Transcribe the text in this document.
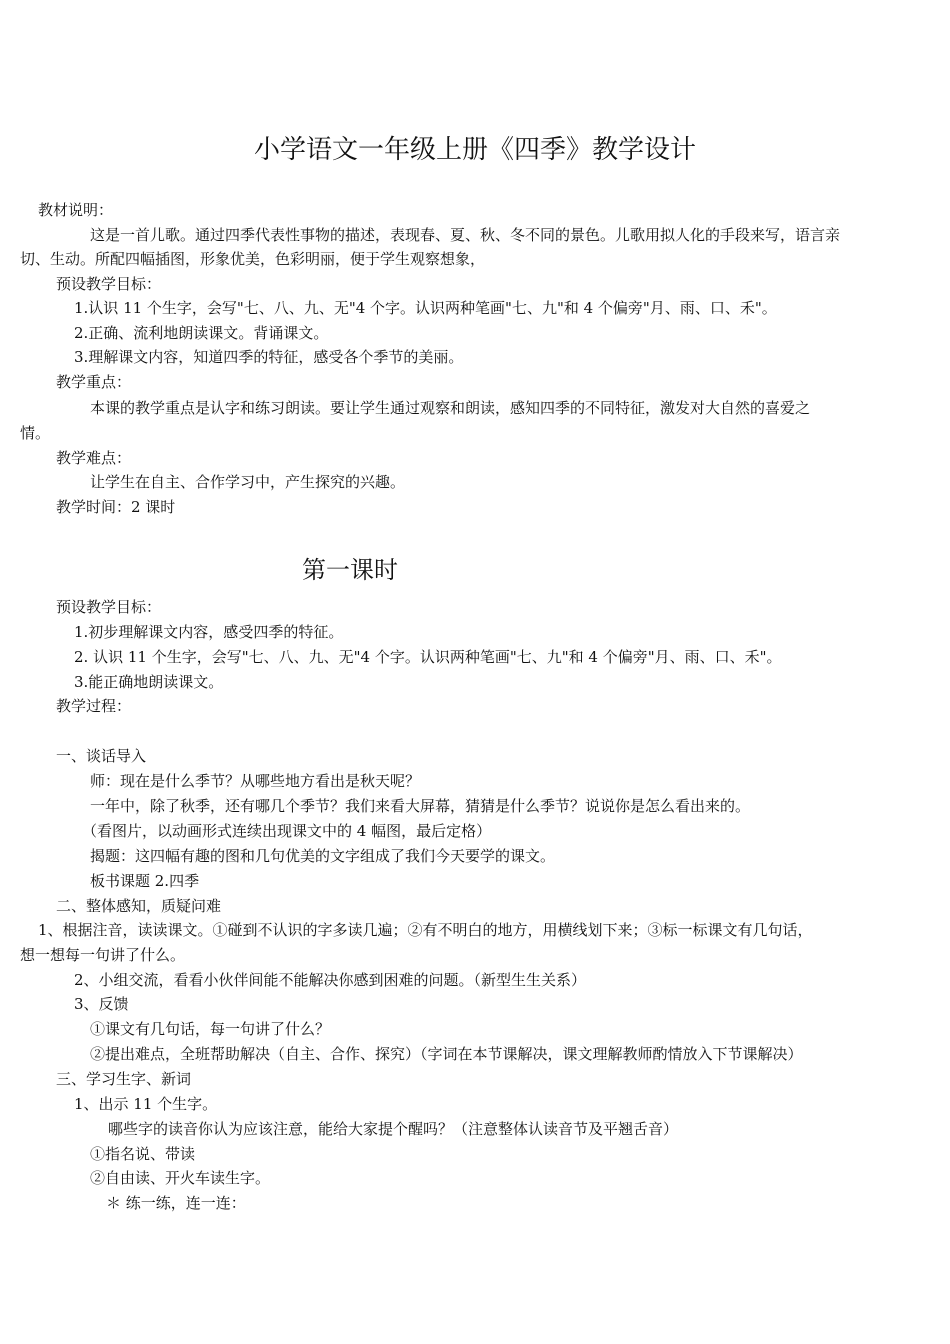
小学语文一年级上册《四季》教学设计
教材说明：
这是一首儿歌。通过四季代表性事物的描述，表现春、夏、秋、冬不同的景色。儿歌用拟人化的手段来写，语言亲
切、生动。所配四幅插图，形象优美，色彩明丽，便于学生观察想象，
预设教学目标：
1.认识 11 个生字，会写"七、八、九、无"4 个字。认识两种笔画"七、九"和 4 个偏旁"月、雨、口、禾"。
2.正确、流利地朗读课文。背诵课文。
3.理解课文内容，知道四季的特征，感受各个季节的美丽。
教学重点：
本课的教学重点是认字和练习朗读。要让学生通过观察和朗读，感知四季的不同特征，激发对大自然的喜爱之
情。
教学难点：
让学生在自主、合作学习中，产生探究的兴趣。
教学时间：2 课时
第一课时
预设教学目标：
1.初步理解课文内容，感受四季的特征。
2. 认识 11 个生字，会写"七、八、九、无"4 个字。认识两种笔画"七、九"和 4 个偏旁"月、雨、口、禾"。
3.能正确地朗读课文。
教学过程：
一、谈话导入
师：现在是什么季节？从哪些地方看出是秋天呢？
一年中，除了秋季，还有哪几个季节？我们来看大屏幕，猜猜是什么季节？说说你是怎么看出来的。
（看图片，以动画形式连续出现课文中的 4 幅图，最后定格）
揭题：这四幅有趣的图和几句优美的文字组成了我们今天要学的课文。
板书课题 2.四季
二、整体感知，质疑问难
1、根据注音，读读课文。①碰到不认识的字多读几遍；②有不明白的地方，用横线划下来；③标一标课文有几句话，
想一想每一句讲了什么。
2、小组交流，看看小伙伴间能不能解决你感到困难的问题。（新型生生关系）
3、反馈
①课文有几句话，每一句讲了什么？
②提出难点，全班帮助解决（自主、合作、探究）（字词在本节课解决，课文理解教师酌情放入下节课解决）
三、学习生字、新词
1、出示 11 个生字。
哪些字的读音你认为应该注意，能给大家提个醒吗？（注意整体认读音节及平翘舌音）
①指名说、带读
②自由读、开火车读生字。
＊ 练一练，连一连：
